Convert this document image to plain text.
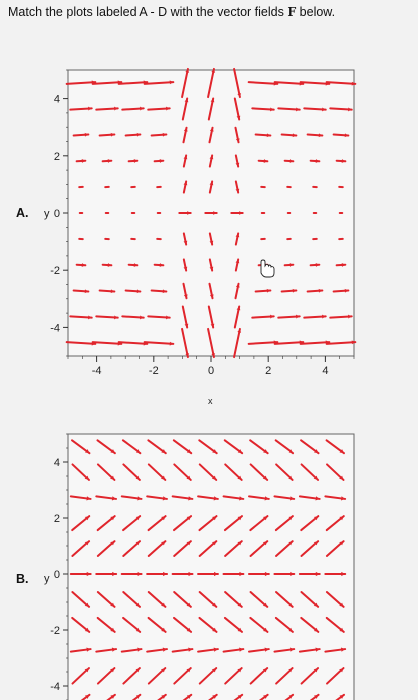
Match the plots labeled A - D with the vector fields F below.
A.
4
2
0
-2
-4
-4	-2	0	2	4
y
x
B.
4
2
0
-2
-4
y
